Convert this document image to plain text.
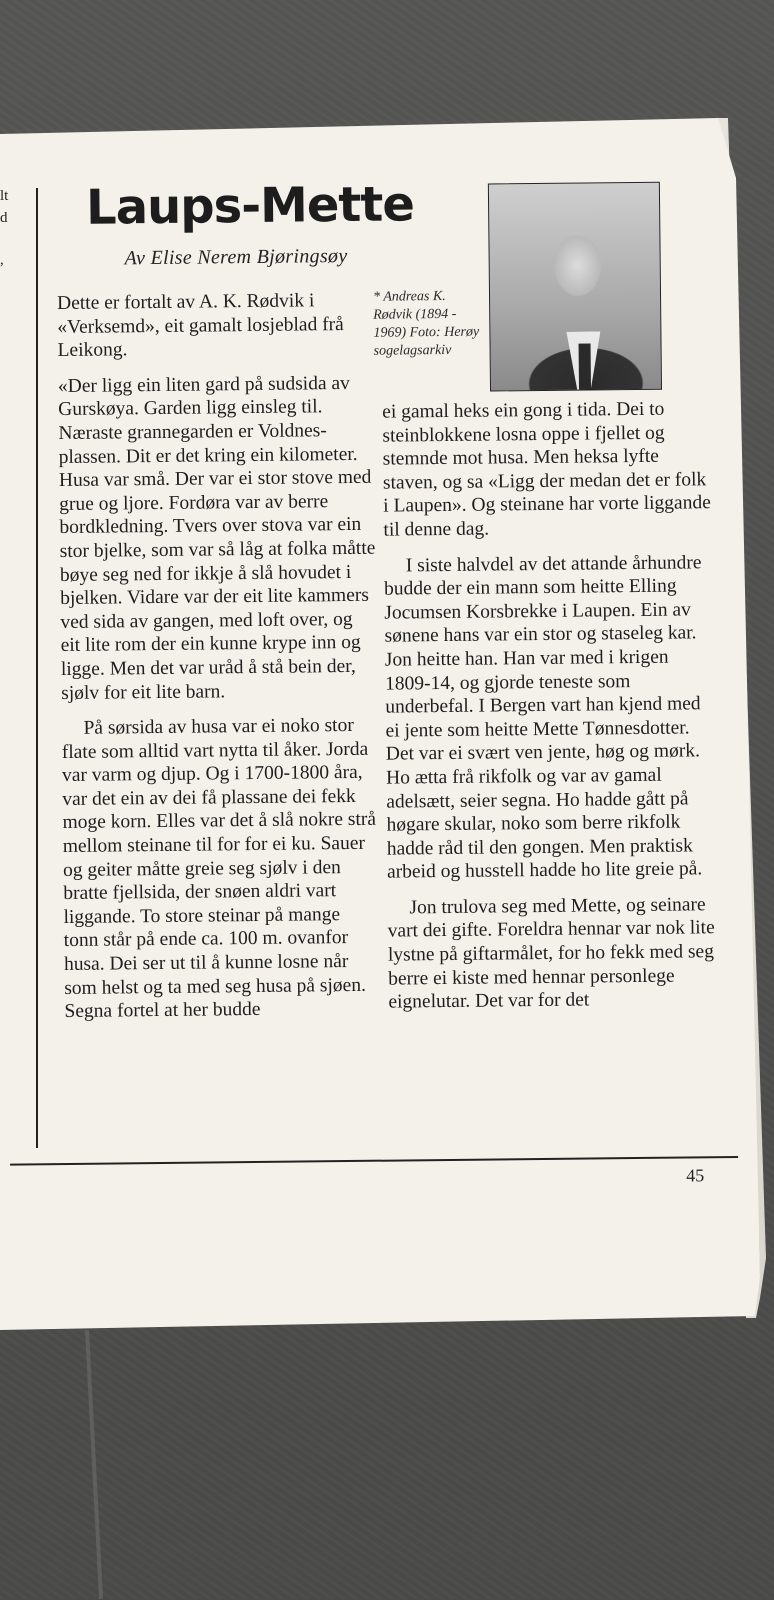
lt
d
,
Laups-Mette
Av Elise Nerem Bjøringsøy
* Andreas K. Rødvik (1894 - 1969) Foto: Herøy sogelagsarkiv

Dette er fortalt av A. K. Rødvik i «Verksemd», eit gamalt losjeblad frå Leikong.

«Der ligg ein liten gard på sudsida av Gurskøya. Garden ligg einsleg til. Næraste grannegarden er Voldnes-plassen. Dit er det kring ein kilometer. Husa var små. Der var ei stor stove med grue og ljore. Fordøra var av berre bordkledning. Tvers over stova var ein stor bjelke, som var så låg at folka måtte bøye seg ned for ikkje å slå hovudet i bjelken. Vidare var der eit lite kammers ved sida av gangen, med loft over, og eit lite rom der ein kunne krype inn og ligge. Men det var uråd å stå bein der, sjølv for eit lite barn.

På sørsida av husa var ei noko stor flate som alltid vart nytta til åker. Jorda var varm og djup. Og i 1700-1800 åra, var det ein av dei få plassane dei fekk moge korn. Elles var det å slå nokre strå mellom steinane til for for ei ku. Sauer og geiter måtte greie seg sjølv i den bratte fjellsida, der snøen aldri vart liggande. To store steinar på mange tonn står på ende ca. 100 m. ovanfor husa. Dei ser ut til å kunne losne når som helst og ta med seg husa på sjøen. Segna fortel at her budde

ei gamal heks ein gong i tida. Dei to steinblokkene losna oppe i fjellet og stemnde mot husa. Men heksa lyfte staven, og sa «Ligg der medan det er folk i Laupen». Og steinane har vorte liggande til denne dag.

I siste halvdel av det attande århundre budde der ein mann som heitte Elling Jocumsen Korsbrekke i Laupen. Ein av sønene hans var ein stor og staseleg kar. Jon heitte han. Han var med i krigen 1809-14, og gjorde teneste som underbefal. I Bergen vart han kjend med ei jente som heitte Mette Tønnesdotter. Det var ei svært ven jente, høg og mørk. Ho ætta frå rikfolk og var av gamal adelsætt, seier segna. Ho hadde gått på høgare skular, noko som berre rikfolk hadde råd til den gongen. Men praktisk arbeid og husstell hadde ho lite greie på.

Jon trulova seg med Mette, og seinare vart dei gifte. Foreldra hennar var nok lite lystne på giftarmålet, for ho fekk med seg berre ei kiste med hennar personlege eignelutar. Det var for det

45
